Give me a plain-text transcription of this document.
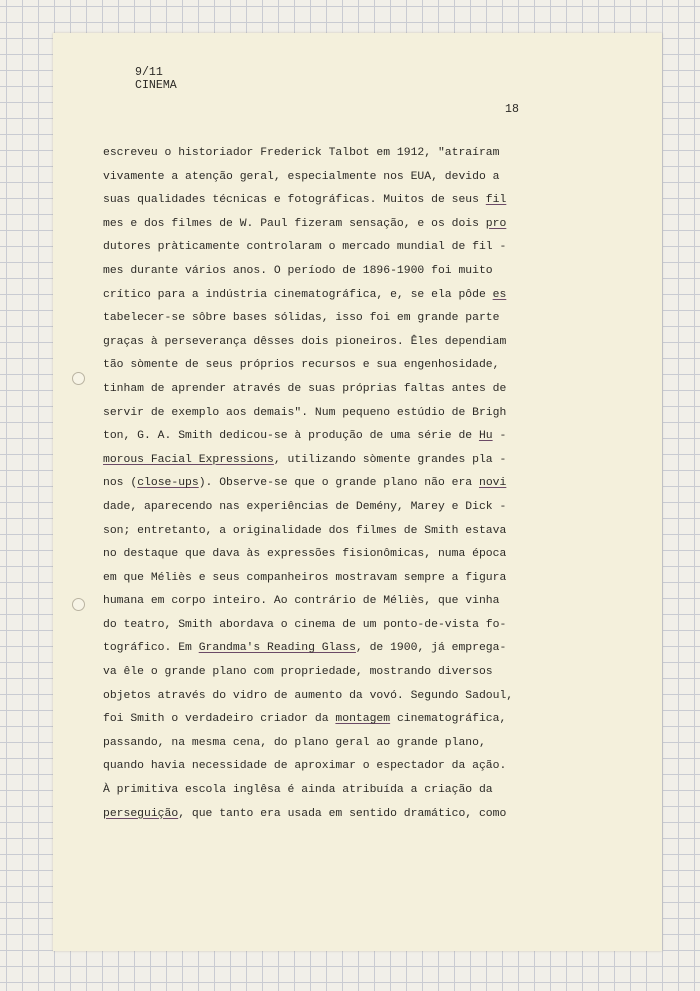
9/11
CINEMA
18
escreveu o historiador Frederick Talbot em 1912, "atraíram
vivamente a atenção geral, especialmente nos EUA, devido a
suas qualidades técnicas e fotográficas. Muitos de seus fil
mes e dos filmes de W. Paul fizeram sensação, e os dois pro
dutores pràticamente controlaram o mercado mundial de fil -
mes durante vários anos. O período de 1896-1900 foi muito
crítico para a indústria cinematográfica, e, se ela pôde es
tabelecer-se sôbre bases sólidas, isso foi em grande parte
graças à perseverança dêsses dois pioneiros. Êles dependiam
tão sòmente de seus próprios recursos e sua engenhosidade,
tinham de aprender através de suas próprias faltas antes de
servir de exemplo aos demais". Num pequeno estúdio de Brigh
ton, G. A. Smith dedicou-se à produção de uma série de Hu -
morous Facial Expressions, utilizando sòmente grandes pla -
nos (close-ups). Observe-se que o grande plano não era novi
dade, aparecendo nas experiências de Demény, Marey e Dick -
son; entretanto, a originalidade dos filmes de Smith estava
no destaque que dava às expressões fisionômicas, numa época
em que Méliès e seus companheiros mostravam sempre a figura
humana em corpo inteiro. Ao contrário de Méliès, que vinha
do teatro, Smith abordava o cinema de um ponto-de-vista fo-
tográfico. Em Grandma's Reading Glass, de 1900, já emprega-
va êle o grande plano com propriedade, mostrando diversos
objetos através do vidro de aumento da vovó. Segundo Sadoul,
foi Smith o verdadeiro criador da montagem cinematográfica,
passando, na mesma cena, do plano geral ao grande plano,
quando havia necessidade de aproximar o espectador da ação.
À primitiva escola inglêsa é ainda atribuída a criação da
perseguição, que tanto era usada em sentido dramático, como
